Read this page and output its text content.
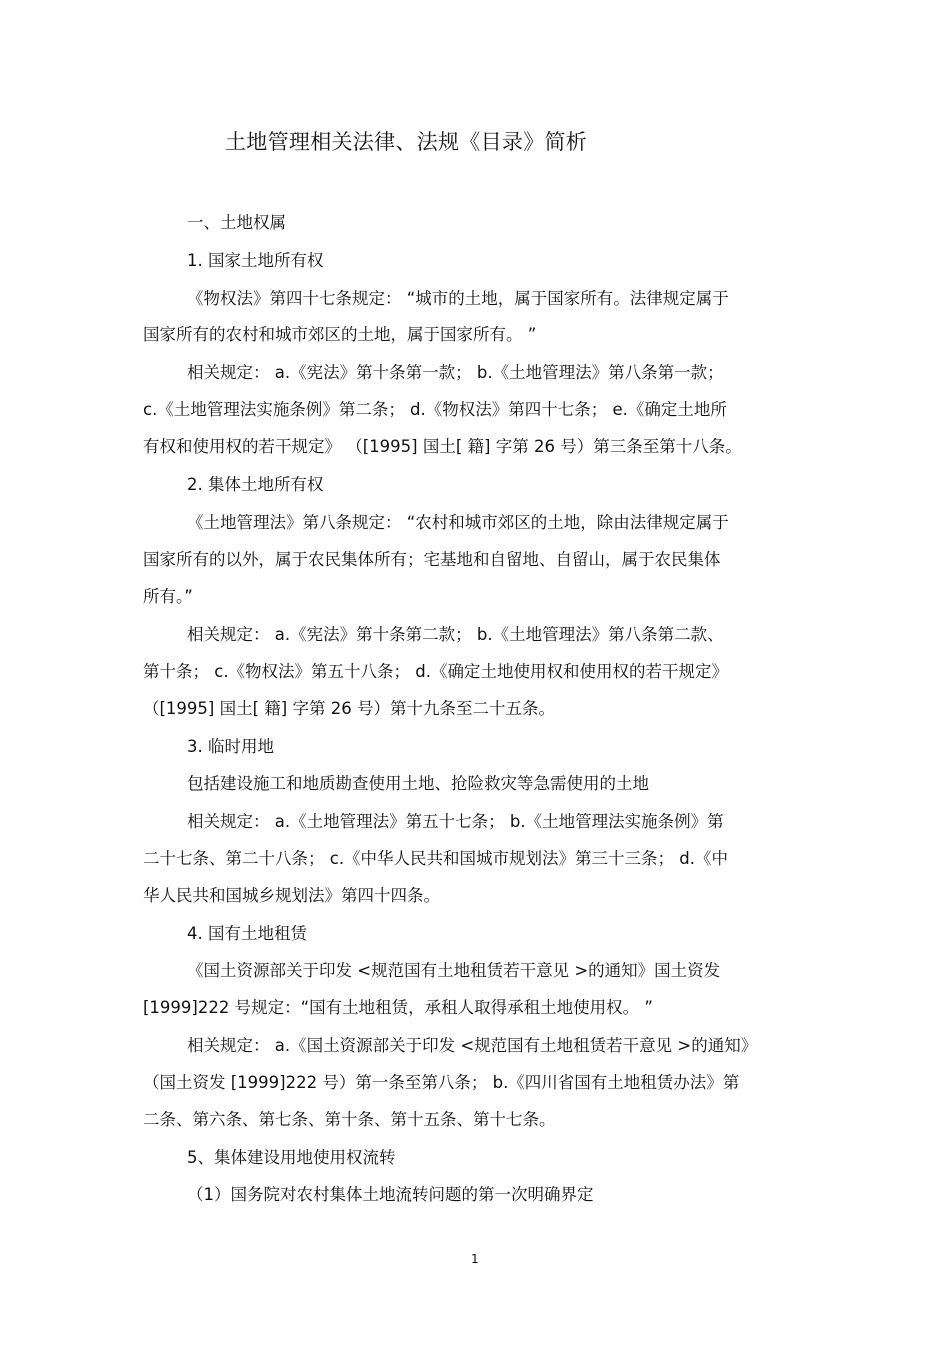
土地管理相关法律、法规《目录》简析
一、土地权属
1. 国家土地所有权
《物权法》第四十七条规定： “城市的土地，属于国家所有。法律规定属于
国家所有的农村和城市郊区的土地，属于国家所有。 ”
相关规定： a.《宪法》第十条第一款； b.《土地管理法》第八条第一款；
c.《土地管理法实施条例》第二条； d.《物权法》第四十七条； e.《确定土地所
有权和使用权的若干规定》 （[1995] 国土[ 籍] 字第 26 号）第三条至第十八条。
2. 集体土地所有权
《土地管理法》第八条规定： “农村和城市郊区的土地，除由法律规定属于
国家所有的以外，属于农民集体所有；宅基地和自留地、自留山，属于农民集体
所有。”
相关规定： a.《宪法》第十条第二款； b.《土地管理法》第八条第二款、
第十条； c.《物权法》第五十八条； d.《确定土地使用权和使用权的若干规定》
（[1995] 国土[ 籍] 字第 26 号）第十九条至二十五条。
3. 临时用地
包括建设施工和地质勘查使用土地、抢险救灾等急需使用的土地
相关规定： a.《土地管理法》第五十七条； b.《土地管理法实施条例》第
二十七条、第二十八条； c.《中华人民共和国城市规划法》第三十三条； d.《中
华人民共和国城乡规划法》第四十四条。
4. 国有土地租赁
《国土资源部关于印发 <规范国有土地租赁若干意见 >的通知》国土资发
[1999]222 号规定：“国有土地租赁，承租人取得承租土地使用权。 ”
相关规定： a.《国土资源部关于印发 <规范国有土地租赁若干意见 >的通知》
（国土资发 [1999]222 号）第一条至第八条； b.《四川省国有土地租赁办法》第
二条、第六条、第七条、第十条、第十五条、第十七条。
5、集体建设用地使用权流转
（1）国务院对农村集体土地流转问题的第一次明确界定
1
